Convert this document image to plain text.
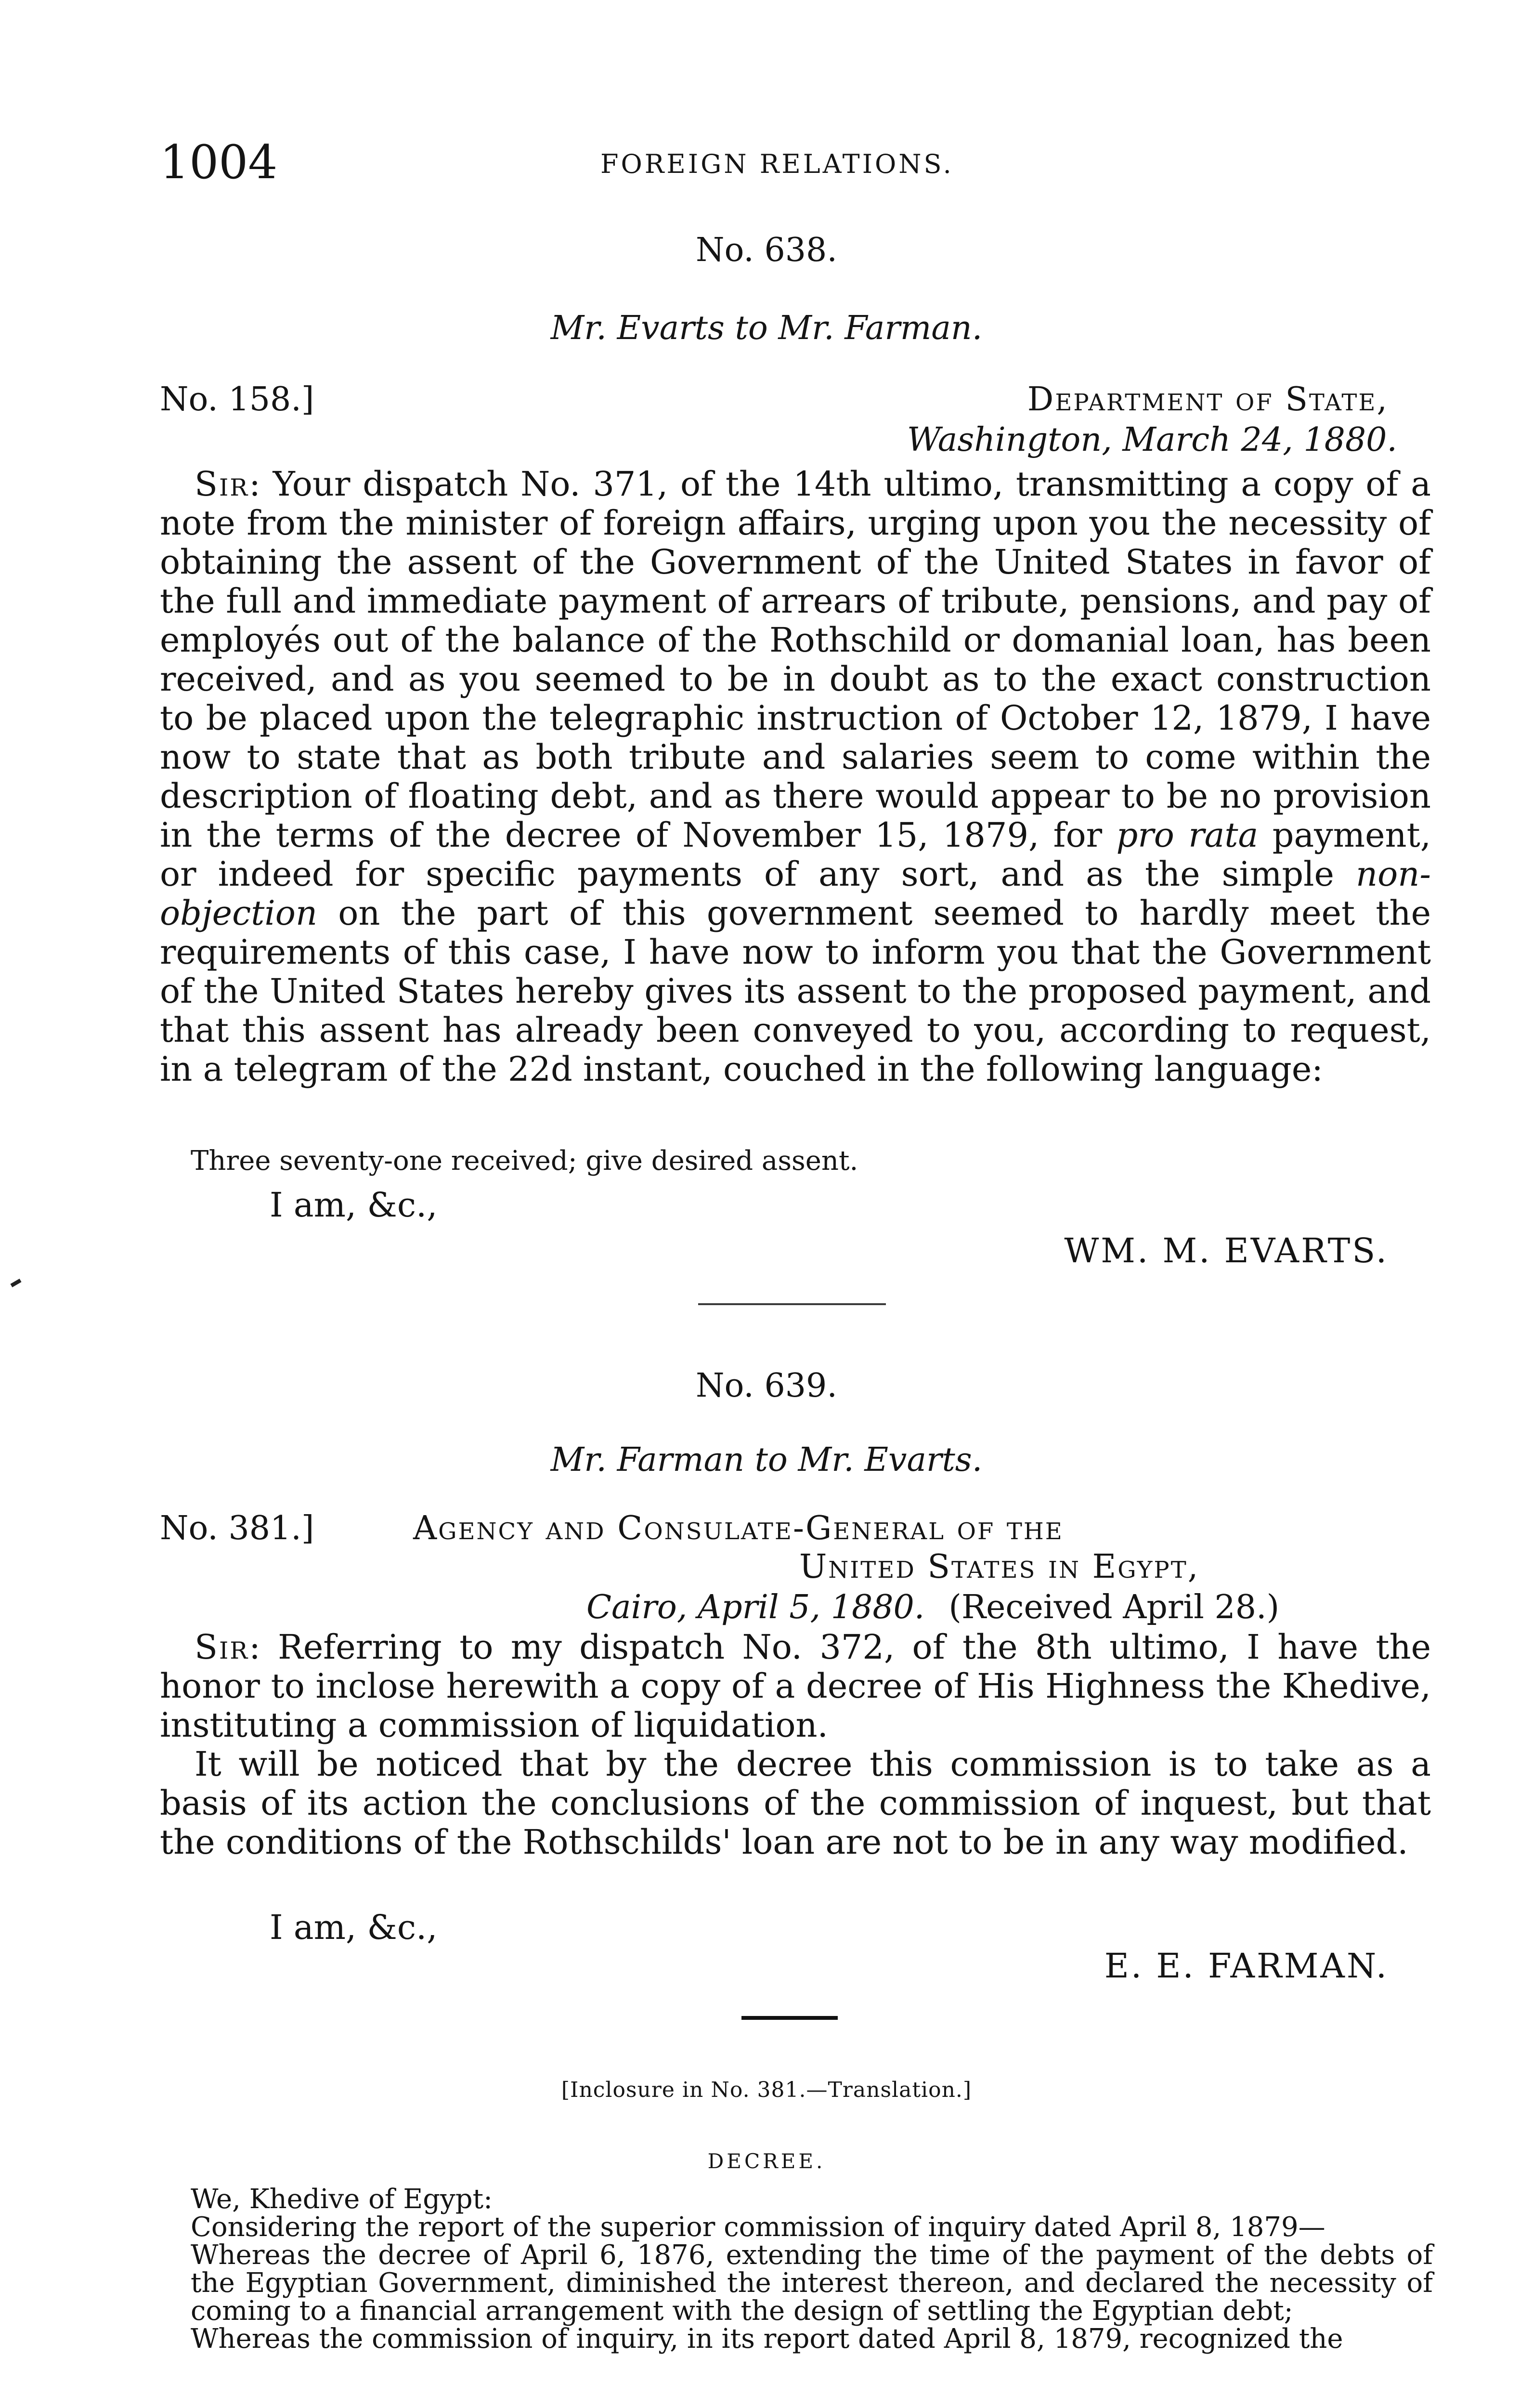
1004	FOREIGN RELATIONS.
No. 638.
Mr. Evarts to Mr. Farman.
No. 158.]	Department of State,
Washington, March 24, 1880.

Sir: Your dispatch No. 371, of the 14th ultimo, transmitting a copy of a note from the minister of foreign affairs, urging upon you the necessity of obtaining the assent of the Government of the United States in favor of the full and immediate payment of arrears of tribute, pensions, and pay of employés out of the balance of the Rothschild or domanial loan, has been received, and as you seemed to be in doubt as to the exact construction to be placed upon the telegraphic instruction of October 12, 1879, I have now to state that as both tribute and salaries seem to come within the description of floating debt, and as there would appear to be no provision in the terms of the decree of November 15, 1879, for pro rata payment, or indeed for specific payments of any sort, and as the simple non-objection on the part of this government seemed to hardly meet the requirements of this case, I have now to inform you that the Government of the United States hereby gives its assent to the proposed payment, and that this assent has already been conveyed to you, according to request, in a telegram of the 22d instant, couched in the following language:

Three seventy-one received; give desired assent.
I am, &c.,
WM. M. EVARTS.
No. 639.
Mr. Farman to Mr. Evarts.
No. 381.]	Agency and Consulate-General of the
United States in Egypt,
Cairo, April 5, 1880. (Received April 28.)

Sir: Referring to my dispatch No. 372, of the 8th ultimo, I have the honor to inclose herewith a copy of a decree of His Highness the Khedive, instituting a commission of liquidation.

It will be noticed that by the decree this commission is to take as a basis of its action the conclusions of the commission of inquest, but that the conditions of the Rothschilds' loan are not to be in any way modified.

I am, &c.,
E. E. FARMAN.
[Inclosure in No. 381.—Translation.]
DECREE.

We, Khedive of Egypt:

Considering the report of the superior commission of inquiry dated April 8, 1879—

Whereas the decree of April 6, 1876, extending the time of the payment of the debts of the Egyptian Government, diminished the interest thereon, and declared the necessity of coming to a financial arrangement with the design of settling the Egyptian debt;

Whereas the commission of inquiry, in its report dated April 8, 1879, recognized the
